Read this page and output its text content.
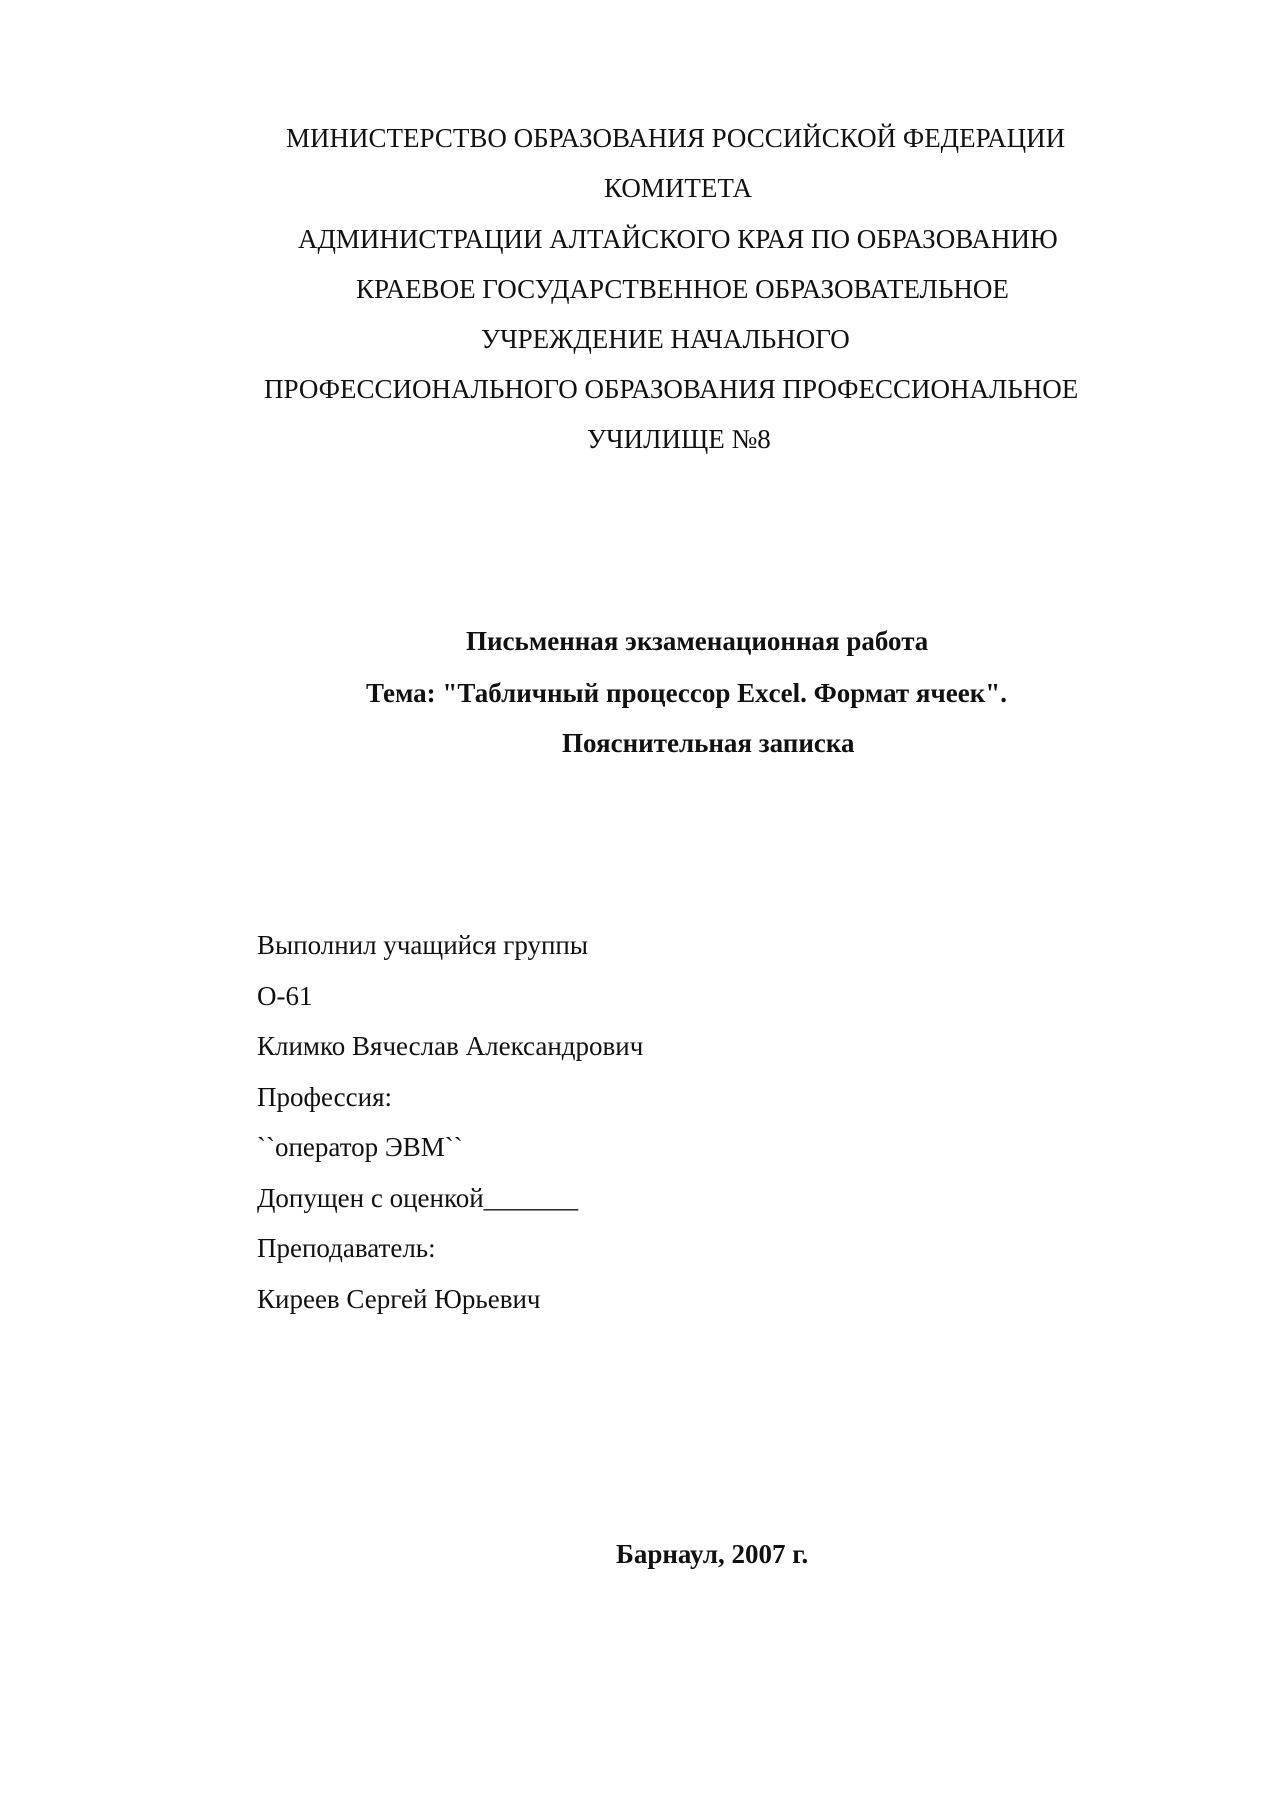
МИНИСТЕРСТВО ОБРАЗОВАНИЯ РОССИЙСКОЙ ФЕДЕРАЦИИ
КОМИТЕТА
АДМИНИСТРАЦИИ АЛТАЙСКОГО КРАЯ ПО ОБРАЗОВАНИЮ
КРАЕВОЕ ГОСУДАРСТВЕННОЕ ОБРАЗОВАТЕЛЬНОЕ
УЧРЕЖДЕНИЕ НАЧАЛЬНОГО
ПРОФЕССИОНАЛЬНОГО ОБРАЗОВАНИЯ ПРОФЕССИОНАЛЬНОЕ
УЧИЛИЩЕ №8
Письменная экзаменационная работа
Тема: "Табличный процессор Excel. Формат ячеек".
Пояснительная записка
Выполнил учащийся группы
О-61
Климко Вячеслав Александрович
Профессия:
``оператор ЭВМ``
Допущен с оценкой_______
Преподаватель:
Киреев Сергей Юрьевич
Барнаул, 2007 г.
